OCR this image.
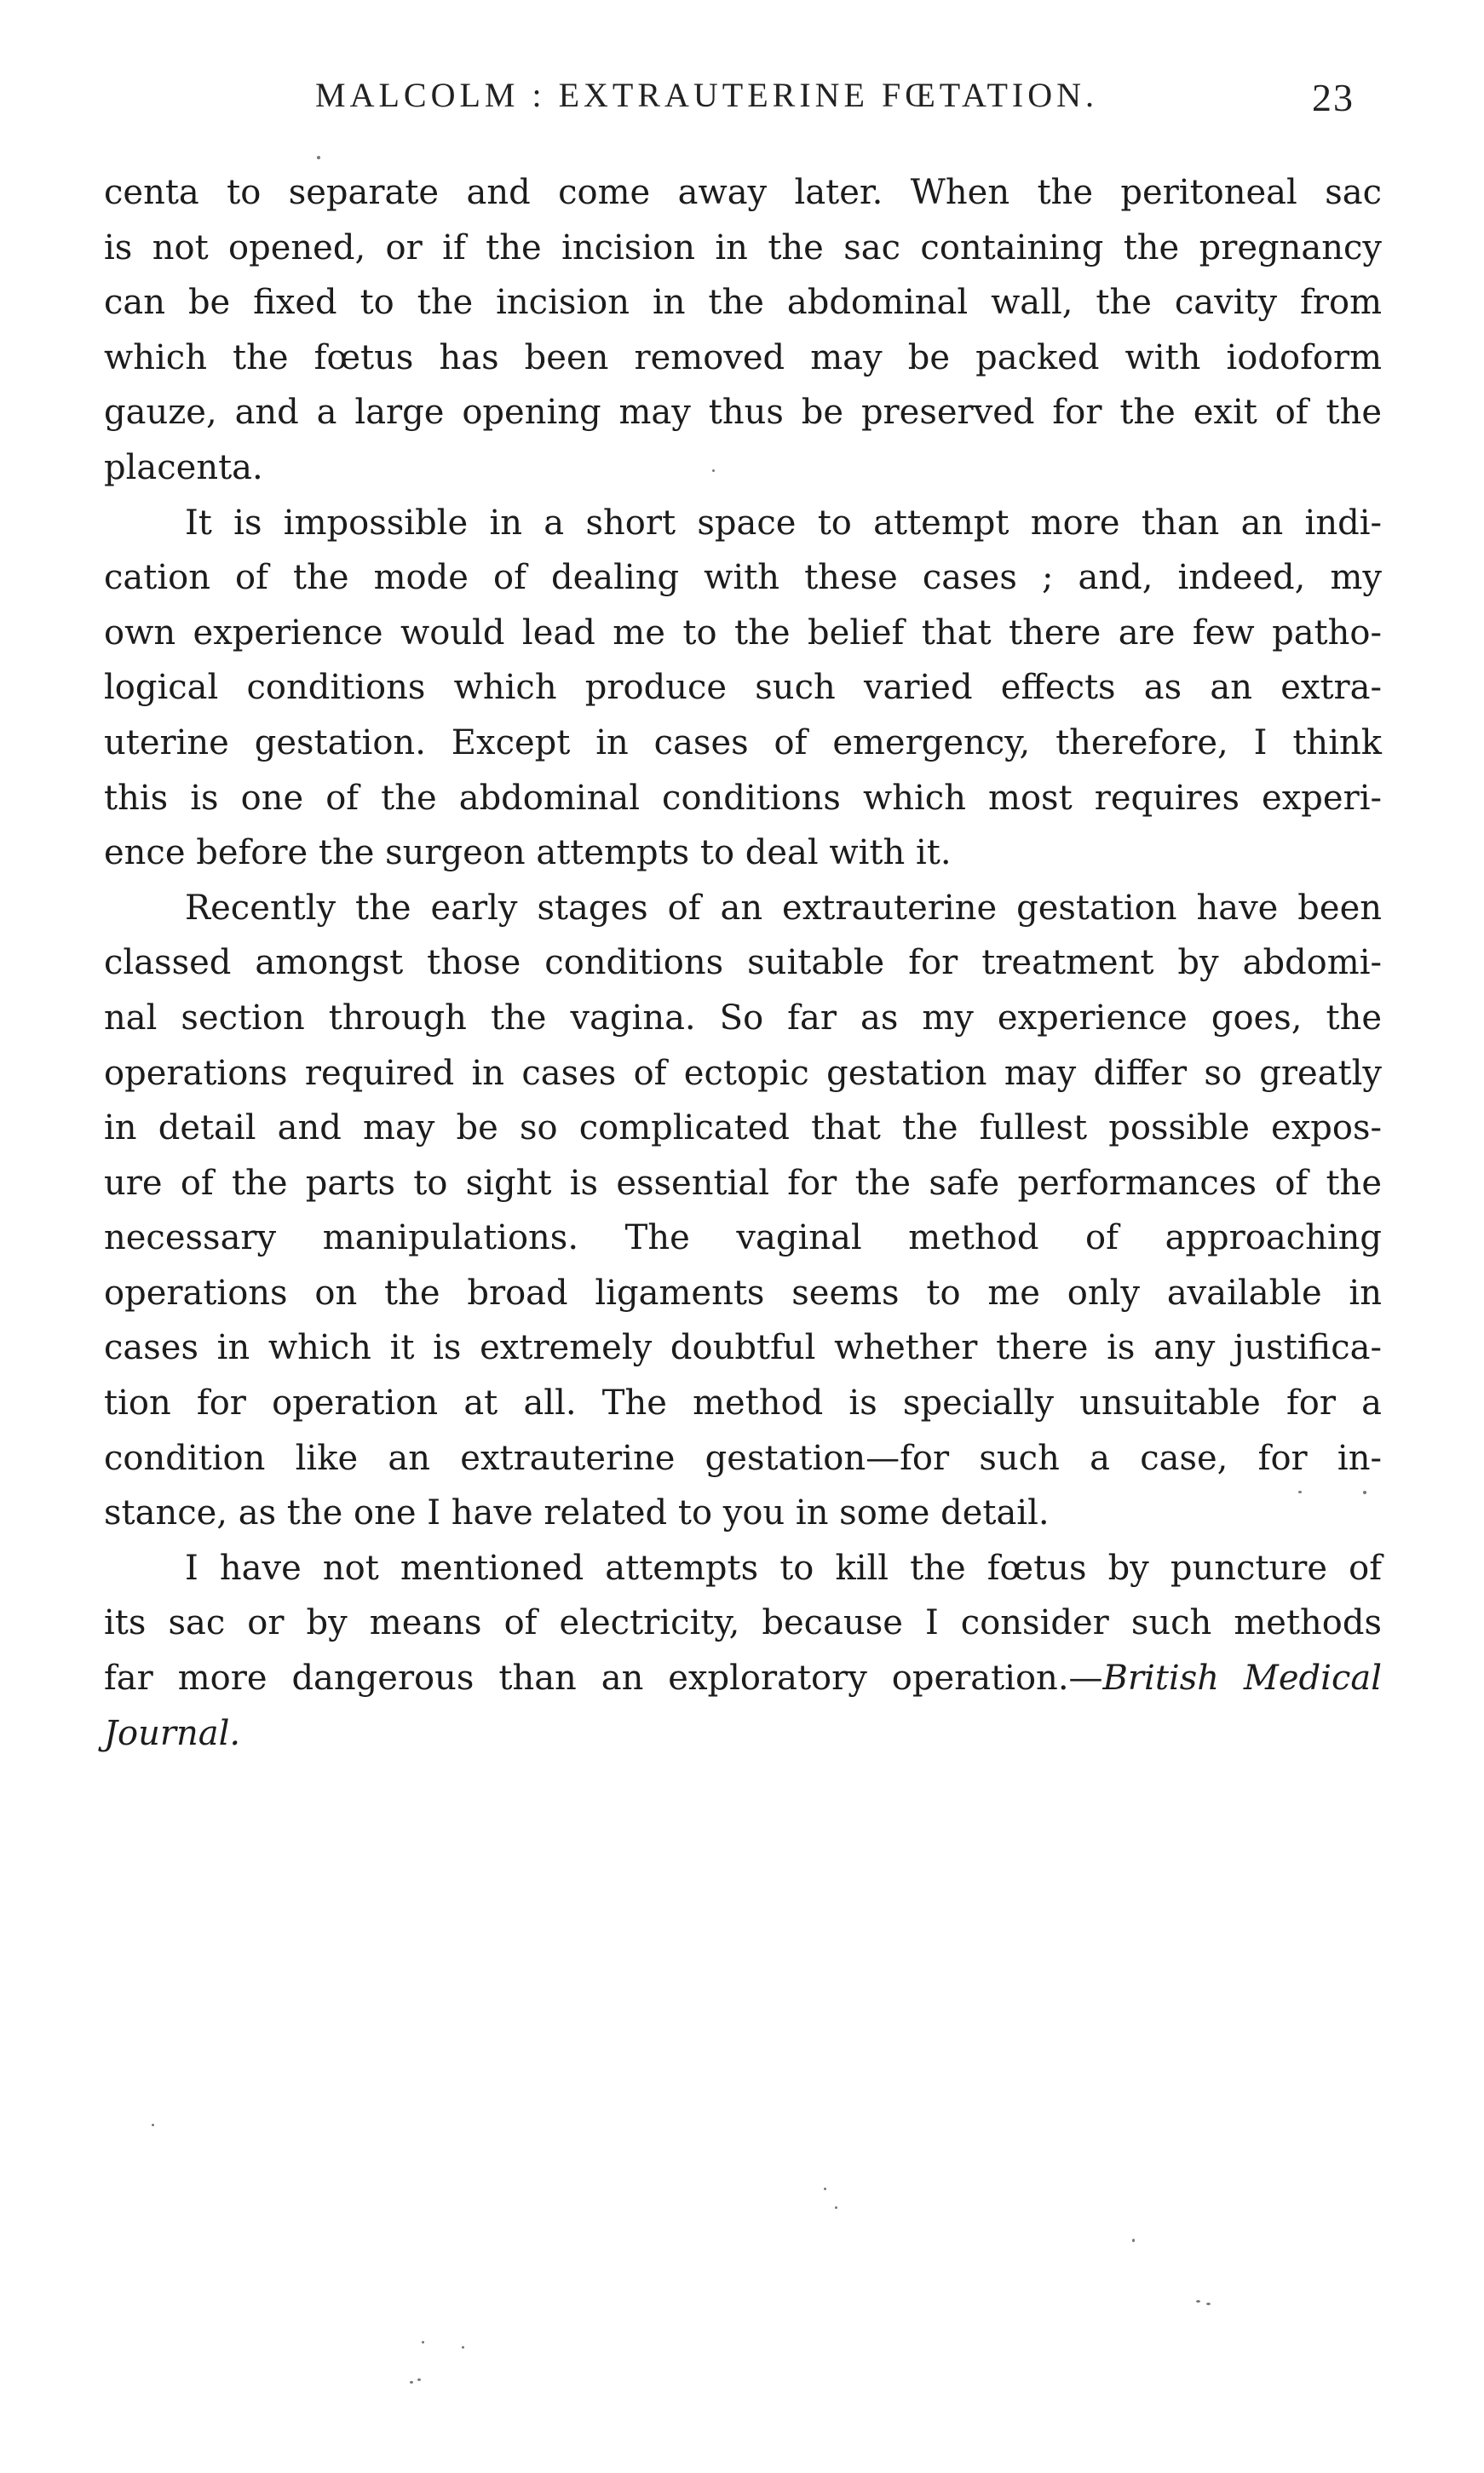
MALCOLM : EXTRAUTERINE FŒTATION.	23
centa to separate and come away later. When the peritoneal sac
is not opened, or if the incision in the sac containing the pregnancy
can be fixed to the incision in the abdominal wall, the cavity from
which the fœtus has been removed may be packed with iodoform
gauze, and a large opening may thus be preserved for the exit of the
placenta.
It is impossible in a short space to attempt more than an indi-
cation of the mode of dealing with these cases ; and, indeed, my
own experience would lead me to the belief that there are few patho-
logical conditions which produce such varied effects as an extra-
uterine gestation. Except in cases of emergency, therefore, I think
this is one of the abdominal conditions which most requires experi-
ence before the surgeon attempts to deal with it.
Recently the early stages of an extrauterine gestation have been
classed amongst those conditions suitable for treatment by abdomi-
nal section through the vagina. So far as my experience goes, the
operations required in cases of ectopic gestation may differ so greatly
in detail and may be so complicated that the fullest possible expos-
ure of the parts to sight is essential for the safe performances of the
necessary manipulations. The vaginal method of approaching
operations on the broad ligaments seems to me only available in
cases in which it is extremely doubtful whether there is any justifica-
tion for operation at all. The method is specially unsuitable for a
condition like an extrauterine gestation—for such a case, for in-
stance, as the one I have related to you in some detail.
I have not mentioned attempts to kill the fœtus by puncture of
its sac or by means of electricity, because I consider such methods
far more dangerous than an exploratory operation.—British Medical
Journal.
